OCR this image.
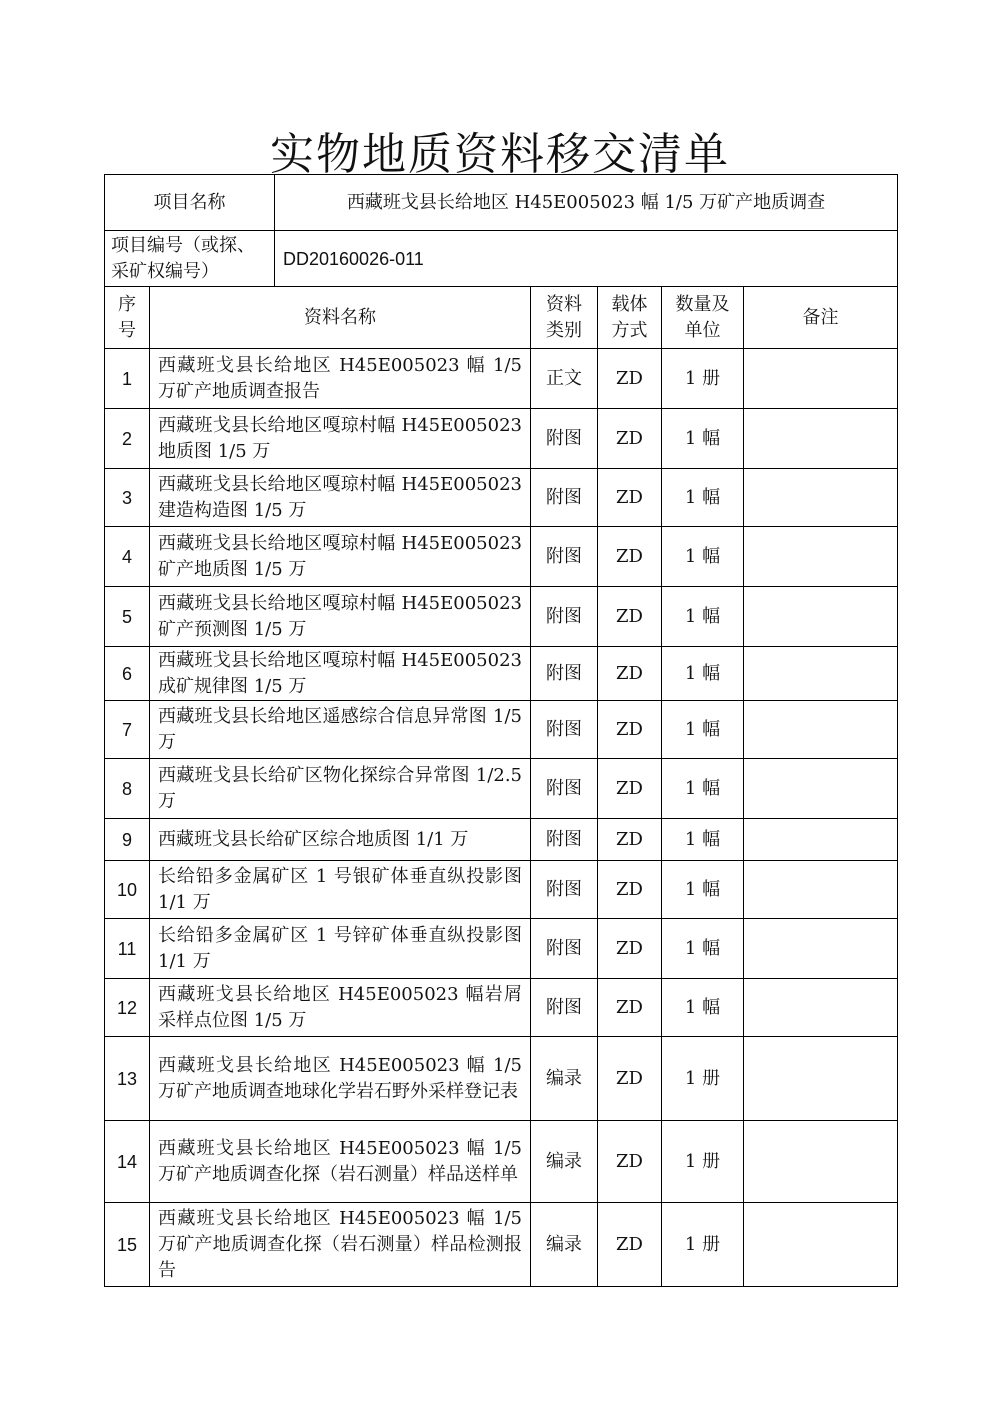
实物地质资料移交清单
项目名称		西藏班戈县长给地区 H45E005023 幅 1/5 万矿产地质调查				
项目编号（或探、采矿权编号）		DD20160026-011				
序号	资料名称		资料类别	载体方式	数量及单位	备注
1	西藏班戈县长给地区 H45E005023 幅 1/5 万矿产地质调查报告		正文	ZD	1 册	
2	西藏班戈县长给地区嘎琼村幅 H45E005023 地质图 1/5 万		附图	ZD	1 幅	
3	西藏班戈县长给地区嘎琼村幅 H45E005023 建造构造图 1/5 万		附图	ZD	1 幅	
4	西藏班戈县长给地区嘎琼村幅 H45E005023 矿产地质图 1/5 万		附图	ZD	1 幅	
5	西藏班戈县长给地区嘎琼村幅 H45E005023 矿产预测图 1/5 万		附图	ZD	1 幅	
6	西藏班戈县长给地区嘎琼村幅 H45E005023 成矿规律图 1/5 万		附图	ZD	1 幅	
7	西藏班戈县长给地区遥感综合信息异常图 1/5 万		附图	ZD	1 幅	
8	西藏班戈县长给矿区物化探综合异常图 1/2.5 万		附图	ZD	1 幅	
9	西藏班戈县长给矿区综合地质图 1/1 万		附图	ZD	1 幅	
10	长给铅多金属矿区 1 号银矿体垂直纵投影图 1/1 万		附图	ZD	1 幅	
11	长给铅多金属矿区 1 号锌矿体垂直纵投影图 1/1 万		附图	ZD	1 幅	
12	西藏班戈县长给地区 H45E005023 幅岩屑采样点位图 1/5 万		附图	ZD	1 幅	
13	西藏班戈县长给地区 H45E005023 幅 1/5 万矿产地质调查地球化学岩石野外采样登记表		编录	ZD	1 册	
14	西藏班戈县长给地区 H45E005023 幅 1/5 万矿产地质调查化探（岩石测量）样品送样单		编录	ZD	1 册	
15	西藏班戈县长给地区 H45E005023 幅 1/5 万矿产地质调查化探（岩石测量）样品检测报告		编录	ZD	1 册	
